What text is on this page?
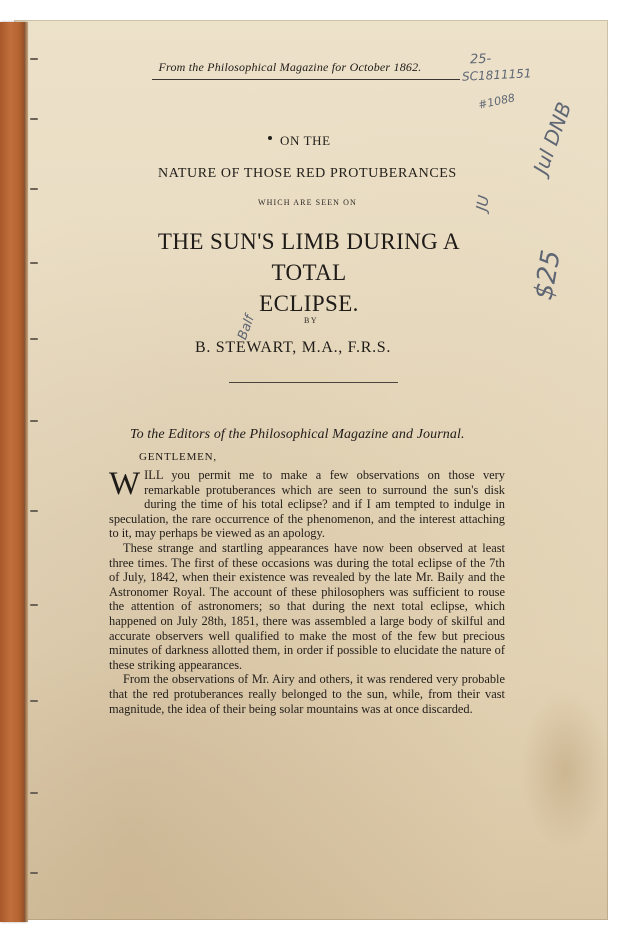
From the Philosophical Magazine for October 1862.
ON THE
NATURE OF THOSE RED PROTUBERANCES
WHICH ARE SEEN ON
THE SUN'S LIMB DURING A TOTAL
ECLIPSE.
BY
B. STEWART, M.A., F.R.S.
To the Editors of the Philosophical Magazine and Journal.
GENTLEMEN,

W ILL you permit me to make a few observations on those very remarkable protuberances which are seen to surround the sun's disk during the time of his total eclipse? and if I am tempted to indulge in speculation, the rare occurrence of the phenomenon, and the interest attaching to it, may perhaps be viewed as an apology.

These strange and startling appearances have now been observed at least three times. The first of these occasions was during the total eclipse of the 7th of July, 1842, when their existence was revealed by the late Mr. Baily and the Astronomer Royal. The account of these philosophers was sufficient to rouse the attention of astronomers; so that during the next total eclipse, which happened on July 28th, 1851, there was assembled a large body of skilful and accurate observers well qualified to make the most of the few but precious minutes of darkness allotted them, in order if possible to elucidate the nature of these striking appearances.

From the observations of Mr. Airy and others, it was rendered very probable that the red protuberances really belonged to the sun, while, from their vast magnitude, the idea of their being solar mountains was at once discarded.

25-
SC1811151
#1088 Jul DNB
$25
JU
Balf
